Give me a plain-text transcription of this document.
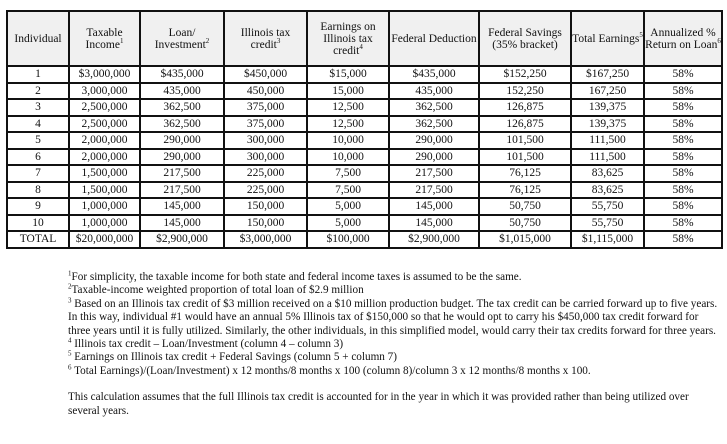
Individual	Taxable Income$^1$	Loan/ Investment$^2$	Illinois tax credit$^3$	Earnings on Illinois tax credit$^4$	Federal Deduction	Federal Savings (35% bracket)	Total Earnings$^5$	Annualized % Return on Loan$^6$
1	$3,000,000	$435,000	$450,000	$15,000	$435,000	$152,250	$167,250	58%
2	3,000,000	435,000	450,000	15,000	435,000	152,250	167,250	58%
3	2,500,000	362,500	375,000	12,500	362,500	126,875	139,375	58%
4	2,500,000	362,500	375,000	12,500	362,500	126,875	139,375	58%
5	2,000,000	290,000	300,000	10,000	290,000	101,500	111,500	58%
6	2,000,000	290,000	300,000	10,000	290,000	101,500	111,500	58%
7	1,500,000	217,500	225,000	7,500	217,500	76,125	83,625	58%
8	1,500,000	217,500	225,000	7,500	217,500	76,125	83,625	58%
9	1,000,000	145,000	150,000	5,000	145,000	50,750	55,750	58%
10	1,000,000	145,000	150,000	5,000	145,000	50,750	55,750	58%
TOTAL	$20,000,000	$2,900,000	$3,000,000	$100,000	$2,900,000	$1,015,000	$1,115,000	58%

$^1$For simplicity, the taxable income for both state and federal income taxes is assumed to be the same.

$^2$Taxable-income weighted proportion of total loan of $2.9 million

$^3$ Based on an Illinois tax credit of $3 million received on a $10 million production budget. The tax credit can be carried forward up to five years. In this way, individual #1 would have an annual 5% Illinois tax of $150,000 so that he would opt to carry his $450,000 tax credit forward for three years until it is fully utilized. Similarly, the other individuals, in this simplified model, would carry their tax credits forward for three years.

$^4$ Illinois tax credit – Loan/Investment (column 4 – column 3)

$^5$ Earnings on Illinois tax credit + Federal Savings (column 5 + column 7)

$^6$ Total Earnings)/(Loan/Investment) x 12 months/8 months x 100 (column 8)/column 3 x 12 months/8 months x 100.

This calculation assumes that the full Illinois tax credit is accounted for in the year in which it was provided rather than being utilized over several years.
